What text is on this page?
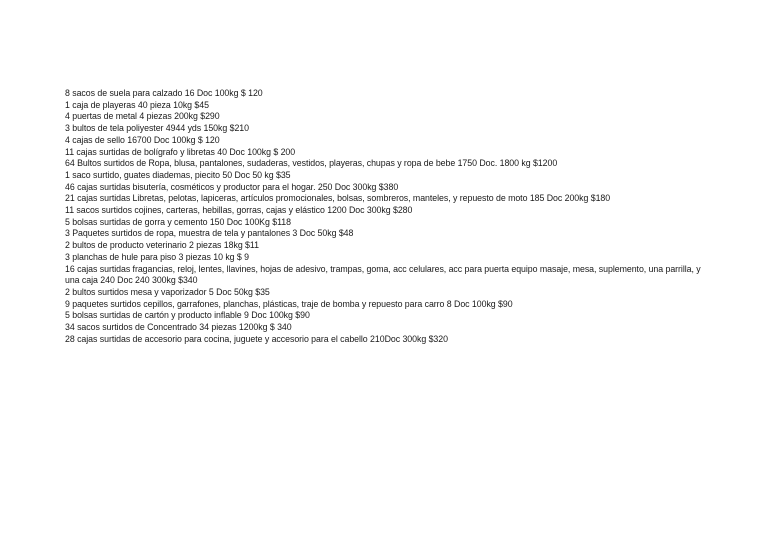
8 sacos de suela para calzado 16 Doc 100kg $ 120

1 caja de playeras 40 pieza 10kg $45

4 puertas de metal 4 piezas 200kg $290

3 bultos de tela poliyester 4944 yds 150kg $210

4 cajas de sello 16700 Doc 100kg $ 120

11 cajas surtidas de bolígrafo y libretas 40 Doc 100kg $ 200

64 Bultos surtidos de Ropa, blusa, pantalones, sudaderas, vestidos, playeras, chupas y ropa de bebe 1750 Doc. 1800 kg $1200

1 saco surtido, guates diademas, piecito 50 Doc 50 kg $35

46 cajas surtidas bisutería, cosméticos y productor para el hogar. 250 Doc 300kg $380

21 cajas surtidas Libretas, pelotas, lapiceras, artículos promocionales, bolsas, sombreros, manteles, y repuesto de moto 185 Doc 200kg $180

11 sacos surtidos cojines, carteras, hebillas, gorras, cajas y elástico 1200 Doc 300kg $280

5 bolsas surtidas de gorra y cemento 150 Doc 100Kg $118

3 Paquetes surtidos de ropa, muestra de tela y pantalones 3 Doc 50kg $48

2 bultos de producto veterinario 2 piezas 18kg $11

3 planchas de hule para piso 3 piezas 10 kg $ 9

16 cajas surtidas fragancias, reloj, lentes, llavines, hojas de adesivo, trampas, goma, acc celulares, acc para puerta equipo masaje, mesa, suplemento, una parrilla, y una caja 240 Doc 240 300kg $340

2 bultos surtidos mesa y vaporizador 5 Doc 50kg $35

9 paquetes surtidos cepillos, garrafones, planchas, plásticas, traje de bomba y repuesto para carro 8 Doc 100kg $90

5 bolsas surtidas de cartón y producto inflable 9 Doc 100kg $90

34 sacos surtidos de Concentrado 34 piezas 1200kg $ 340

28 cajas surtidas de accesorio para cocina, juguete y accesorio para el cabello 210Doc 300kg $320
